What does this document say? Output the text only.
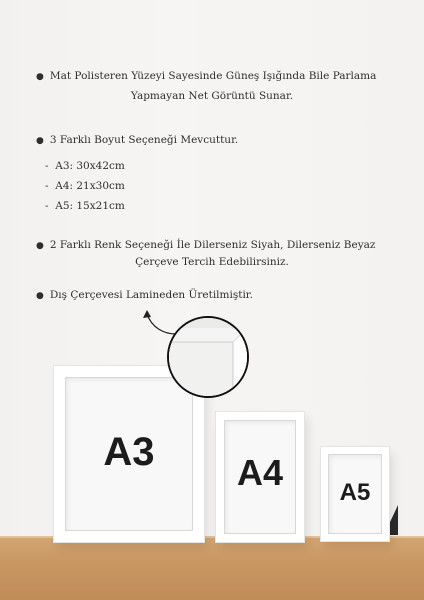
● Mat Polisteren Yüzeyi Sayesinde Güneş Işığında Bile Parlama
Yapmayan Net Görüntü Sunar.
● 3 Farklı Boyut Seçeneği Mevcuttur.
-  A3: 30x42cm
-  A4: 21x30cm
-  A5: 15x21cm
● 2 Farklı Renk Seçeneği İle Dilerseniz Siyah, Dilerseniz Beyaz
Çerçeve Tercih Edebilirsiniz.
● Dış Çerçevesi Lamineden Üretilmiştir.
A3	A4	A5
